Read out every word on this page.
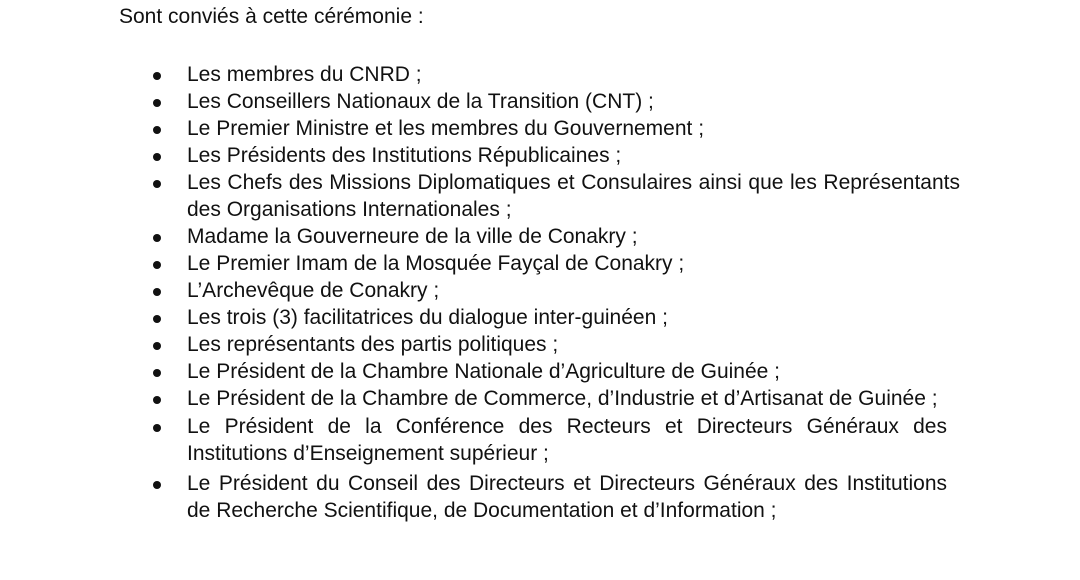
Sont conviés à cette cérémonie :

Les membres du CNRD ;
Les Conseillers Nationaux de la Transition (CNT) ;
Le Premier Ministre et les membres du Gouvernement ;
Les Présidents des Institutions Républicaines ;
Les Chefs des Missions Diplomatiques et Consulaires ainsi que les Représentants des Organisations Internationales ;
Madame la Gouverneure de la ville de Conakry ;
Le Premier Imam de la Mosquée Fayçal de Conakry ;
L’Archevêque de Conakry ;
Les trois (3) facilitatrices du dialogue inter-guinéen ;
Les représentants des partis politiques ;
Le Président de la Chambre Nationale d’Agriculture de Guinée ;
Le Président de la Chambre de Commerce, d’Industrie et d’Artisanat de Guinée ;
Le Président de la Conférence des Recteurs et Directeurs Généraux des Institutions d’Enseignement supérieur ;
Le Président du Conseil des Directeurs et Directeurs Généraux des Institutions de Recherche Scientifique, de Documentation et d’Information ;
